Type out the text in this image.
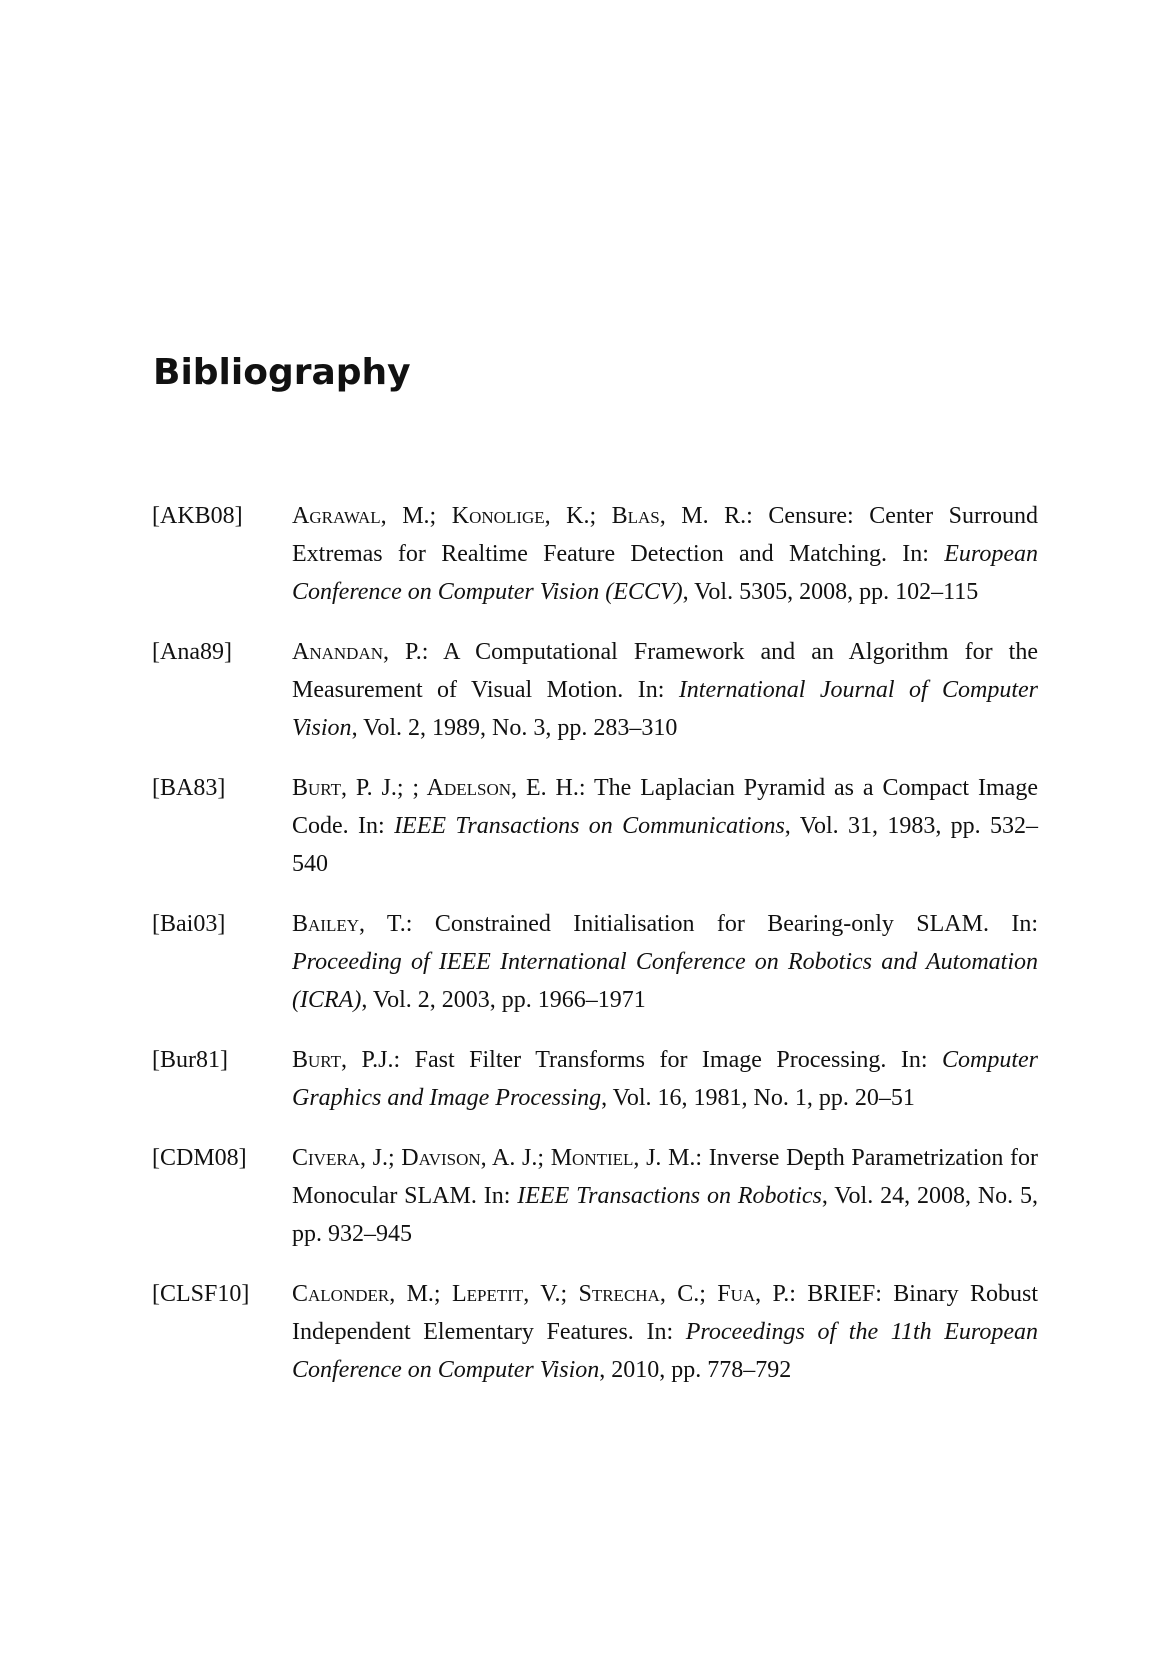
Bibliography
[AKB08]	Agrawal, M.; Konolige, K.; Blas, M. R.: Censure: Center Surround Extremas for Realtime Feature Detection and Matching. In: European Conference on Computer Vision (ECCV), Vol. 5305, 2008, pp. 102–115
[Ana89]	Anandan, P.: A Computational Framework and an Algorithm for the Measurement of Visual Motion. In: International Journal of Computer Vision, Vol. 2, 1989, No. 3, pp. 283–310
[BA83]	Burt, P. J.; ; Adelson, E. H.: The Laplacian Pyramid as a Compact Image Code. In: IEEE Transactions on Communications, Vol. 31, 1983, pp. 532–540
[Bai03]	Bailey, T.: Constrained Initialisation for Bearing-only SLAM. In: Proceeding of IEEE International Conference on Robotics and Automation (ICRA), Vol. 2, 2003, pp. 1966–1971
[Bur81]	Burt, P.J.: Fast Filter Transforms for Image Processing. In: Computer Graphics and Image Processing, Vol. 16, 1981, No. 1, pp. 20–51
[CDM08]	Civera, J.; Davison, A. J.; Montiel, J. M.: Inverse Depth Parametrization for Monocular SLAM. In: IEEE Transactions on Robotics, Vol. 24, 2008, No. 5, pp. 932–945
[CLSF10]	Calonder, M.; Lepetit, V.; Strecha, C.; Fua, P.: BRIEF: Binary Robust Independent Elementary Features. In: Proceedings of the 11th European Conference on Computer Vision, 2010, pp. 778–792
